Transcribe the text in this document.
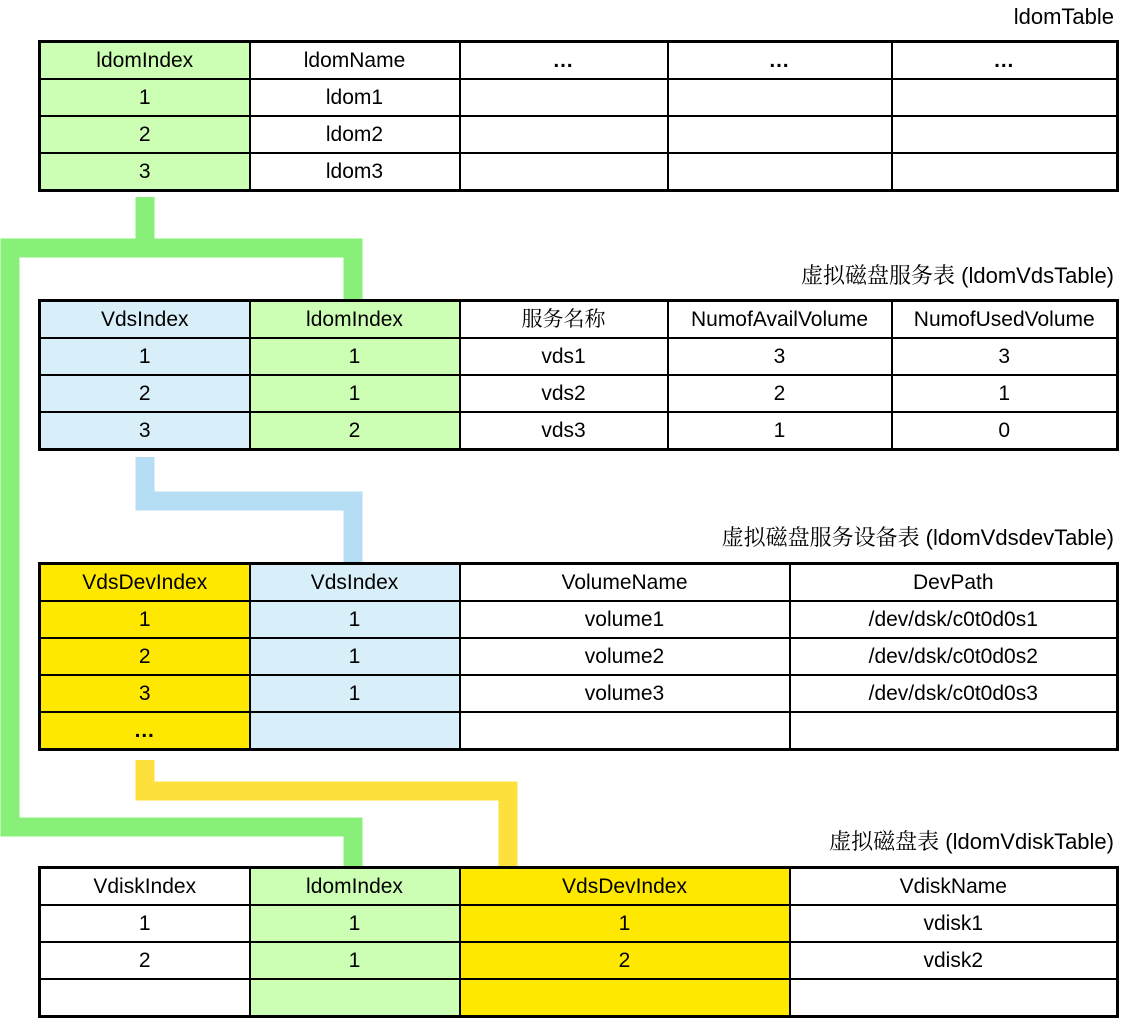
ldomTable
ldomIndex	ldomName	…	…	…
1	ldom1			
2	ldom2			
3	ldom3			
虚拟磁盘服务表 (ldomVdsTable)
VdsIndex	ldomIndex	服务名称	NumofAvailVolume	NumofUsedVolume
1	1	vds1	3	3
2	1	vds2	2	1
3	2	vds3	1	0
虚拟磁盘服务设备表 (ldomVdsdevTable)
VdsDevIndex	VdsIndex	VolumeName	DevPath
1	1	volume1	/dev/dsk/c0t0d0s1
2	1	volume2	/dev/dsk/c0t0d0s2
3	1	volume3	/dev/dsk/c0t0d0s3
…			
虚拟磁盘表 (ldomVdiskTable)
VdiskIndex	ldomIndex	VdsDevIndex	VdiskName
1	1	1	vdisk1
2	1	2	vdisk2
